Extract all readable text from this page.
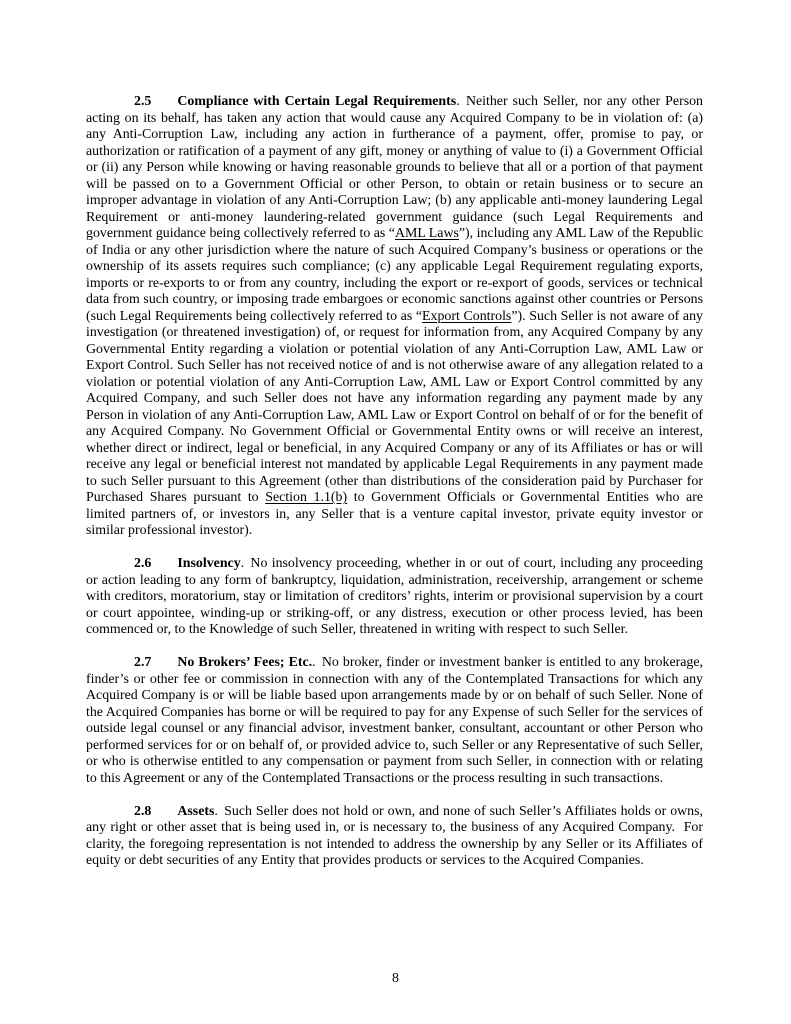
2.5 Compliance with Certain Legal Requirements. Neither such Seller, nor any other Person acting on its behalf, has taken any action that would cause any Acquired Company to be in violation of: (a) any Anti-Corruption Law, including any action in furtherance of a payment, offer, promise to pay, or authorization or ratification of a payment of any gift, money or anything of value to (i) a Government Official or (ii) any Person while knowing or having reasonable grounds to believe that all or a portion of that payment will be passed on to a Government Official or other Person, to obtain or retain business or to secure an improper advantage in violation of any Anti-Corruption Law; (b) any applicable anti-money laundering Legal Requirement or anti-money laundering-related government guidance (such Legal Requirements and government guidance being collectively referred to as “AML Laws”), including any AML Law of the Republic of India or any other jurisdiction where the nature of such Acquired Company’s business or operations or the ownership of its assets requires such compliance; (c) any applicable Legal Requirement regulating exports, imports or re-exports to or from any country, including the export or re-export of goods, services or technical data from such country, or imposing trade embargoes or economic sanctions against other countries or Persons (such Legal Requirements being collectively referred to as “Export Controls”). Such Seller is not aware of any investigation (or threatened investigation) of, or request for information from, any Acquired Company by any Governmental Entity regarding a violation or potential violation of any Anti-Corruption Law, AML Law or Export Control. Such Seller has not received notice of and is not otherwise aware of any allegation related to a violation or potential violation of any Anti-Corruption Law, AML Law or Export Control committed by any Acquired Company, and such Seller does not have any information regarding any payment made by any Person in violation of any Anti-Corruption Law, AML Law or Export Control on behalf of or for the benefit of any Acquired Company. No Government Official or Governmental Entity owns or will receive an interest, whether direct or indirect, legal or beneficial, in any Acquired Company or any of its Affiliates or has or will receive any legal or beneficial interest not mandated by applicable Legal Requirements in any payment made to such Seller pursuant to this Agreement (other than distributions of the consideration paid by Purchaser for Purchased Shares pursuant to Section 1.1(b) to Government Officials or Governmental Entities who are limited partners of, or investors in, any Seller that is a venture capital investor, private equity investor or similar professional investor).

2.6 Insolvency. No insolvency proceeding, whether in or out of court, including any proceeding or action leading to any form of bankruptcy, liquidation, administration, receivership, arrangement or scheme with creditors, moratorium, stay or limitation of creditors’ rights, interim or provisional supervision by a court or court appointee, winding-up or striking-off, or any distress, execution or other process levied, has been commenced or, to the Knowledge of such Seller, threatened in writing with respect to such Seller.

2.7 No Brokers’ Fees; Etc.. No broker, finder or investment banker is entitled to any brokerage, finder’s or other fee or commission in connection with any of the Contemplated Transactions for which any Acquired Company is or will be liable based upon arrangements made by or on behalf of such Seller. None of the Acquired Companies has borne or will be required to pay for any Expense of such Seller for the services of outside legal counsel or any financial advisor, investment banker, consultant, accountant or other Person who performed services for or on behalf of, or provided advice to, such Seller or any Representative of such Seller, or who is otherwise entitled to any compensation or payment from such Seller, in connection with or relating to this Agreement or any of the Contemplated Transactions or the process resulting in such transactions.

2.8 Assets. Such Seller does not hold or own, and none of such Seller’s Affiliates holds or owns, any right or other asset that is being used in, or is necessary to, the business of any Acquired Company.  For clarity, the foregoing representation is not intended to address the ownership by any Seller or its Affiliates of equity or debt securities of any Entity that provides products or services to the Acquired Companies.

8
